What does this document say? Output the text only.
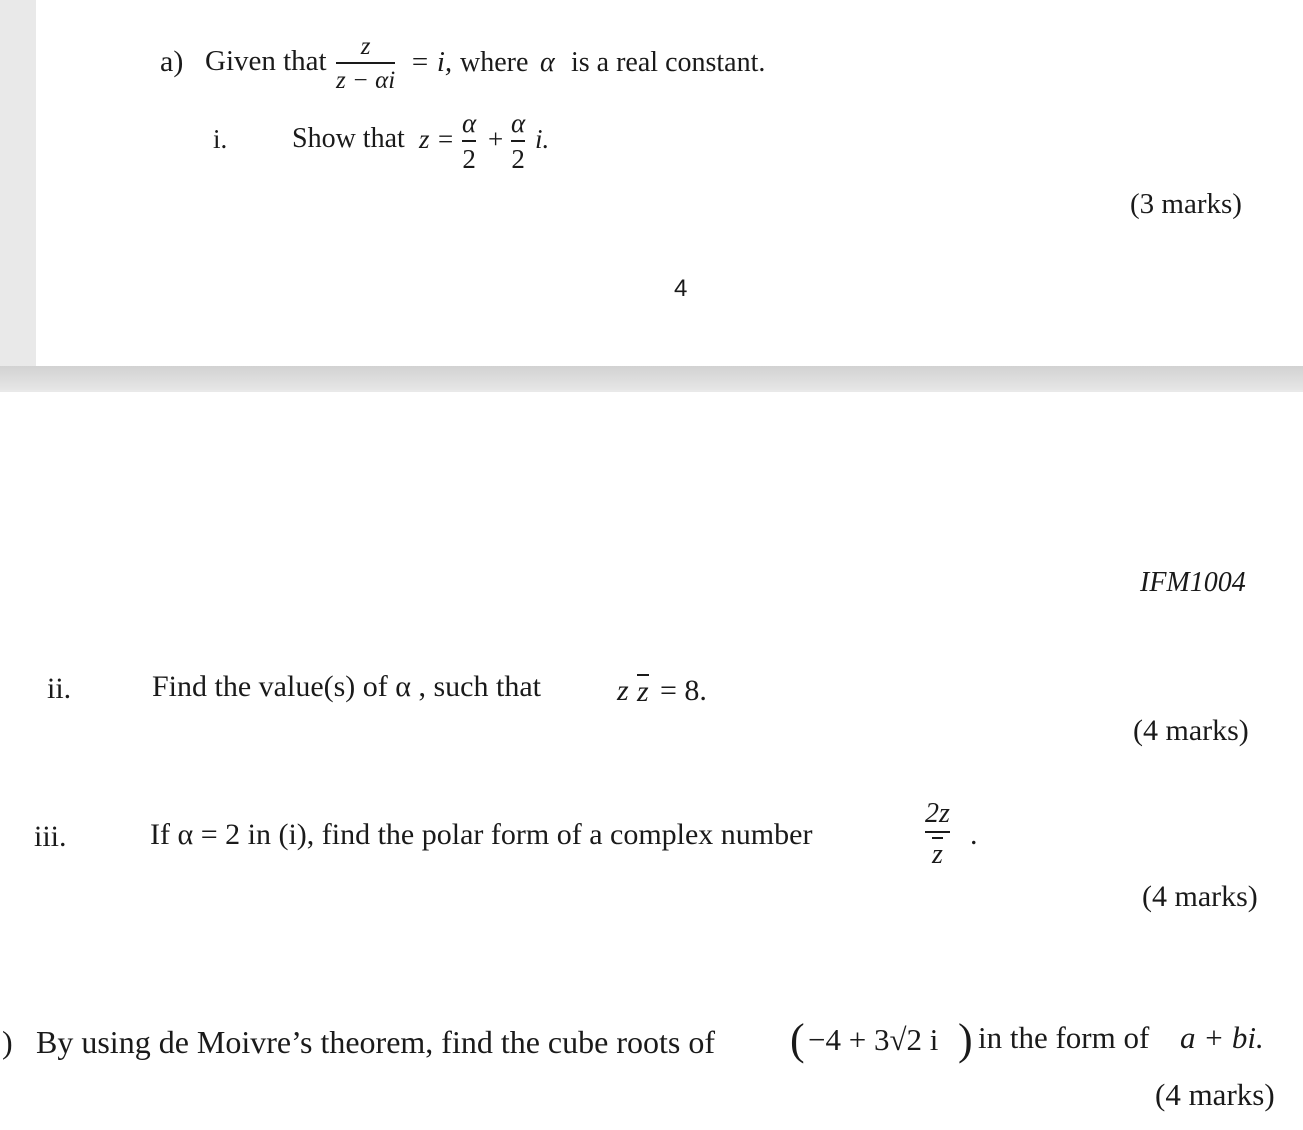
a) Given that z
z − αi
= i, where α is a real constant.
i. Show that z =
α
2
+
α
2
i.
(3 marks)
4
IFM1004
ii.	Find the value(s) of α , such that	z z = 8.
(4 marks)
iii.	If α = 2 in (i), find the polar form of a complex number	$\frac{2z}{z}$ .
(4 marks)
) By using de Moivre’s theorem, find the cube roots of ( −4 + 3√2 i ) in the form of a + bi.
(4 marks)
